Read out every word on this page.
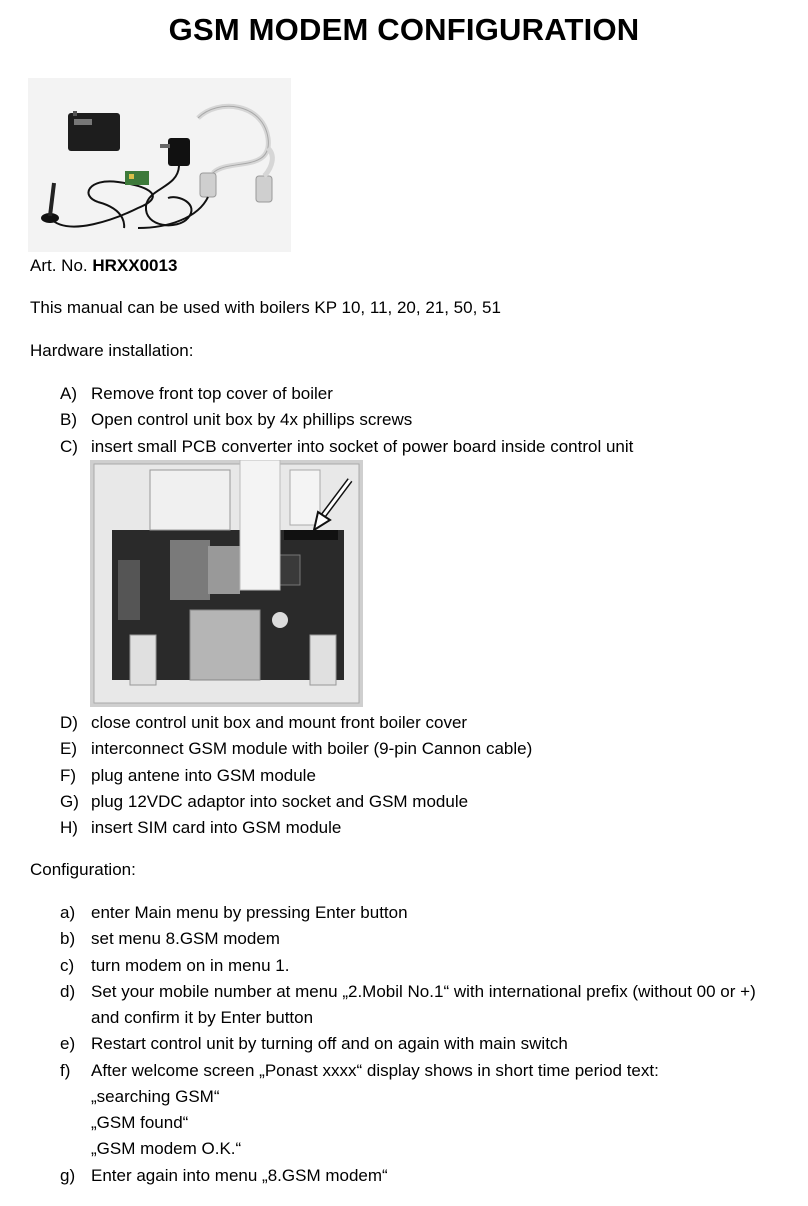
GSM MODEM CONFIGURATION
Art. No. HRXX0013
This manual can be used with boilers KP 10, 11, 20, 21, 50, 51
Hardware installation:
A) Remove front top cover of boiler
B) Open control unit box by 4x phillips screws
C) insert small PCB converter into socket of power board inside control unit
D) close control unit box and mount front boiler cover
E) interconnect GSM module with boiler (9-pin Cannon cable)
F) plug antene into GSM module
G) plug 12VDC adaptor into socket and GSM module
H) insert SIM card into GSM module
Configuration:
a) enter Main menu by pressing Enter button
b) set menu 8.GSM modem
c) turn modem on in menu 1.
d) Set your mobile number at menu „2.Mobil No.1“ with international prefix (without 00 or +)
and confirm it by Enter button
e) Restart control unit by turning off and on again with main switch
f) After welcome screen „Ponast xxxx“ display shows in short time period text:
„searching GSM“
„GSM found“
„GSM modem O.K.“
g) Enter again into menu „8.GSM modem“
